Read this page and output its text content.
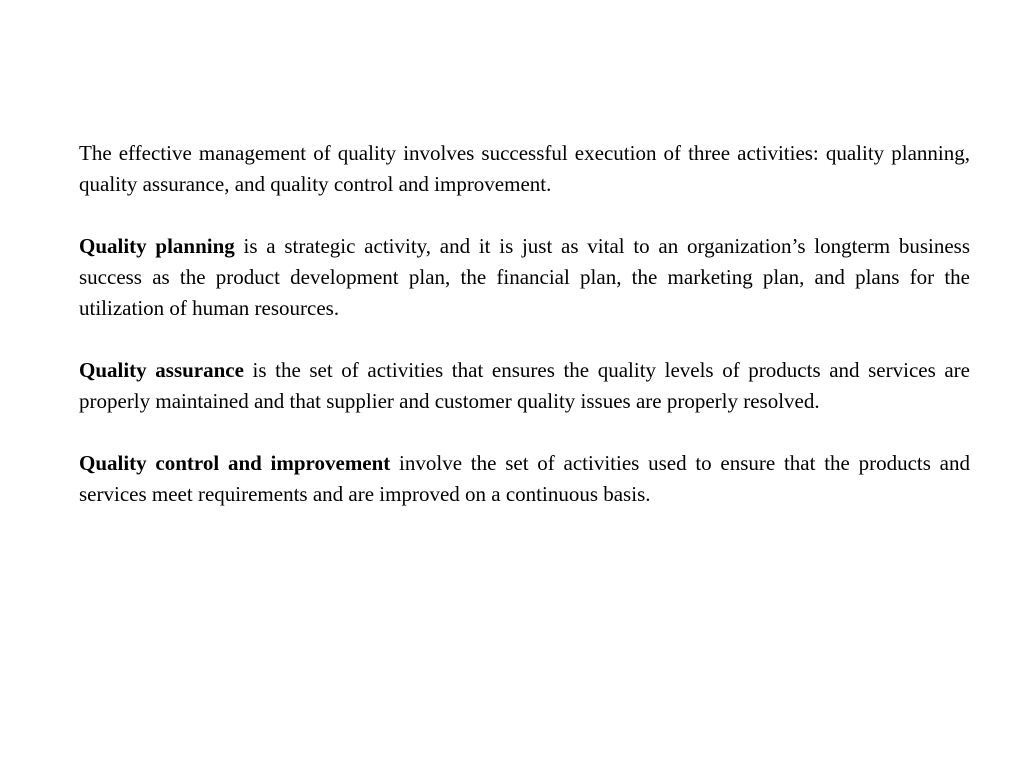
The effective management of quality involves successful execution of three activities: quality planning, quality assurance, and quality control and improvement.

Quality planning is a strategic activity, and it is just as vital to an organization’s longterm business success as the product development plan, the financial plan, the marketing plan, and plans for the utilization of human resources.

Quality assurance is the set of activities that ensures the quality levels of products and services are properly maintained and that supplier and customer quality issues are properly resolved.

Quality control and improvement involve the set of activities used to ensure that the products and services meet requirements and are improved on a continuous basis.
